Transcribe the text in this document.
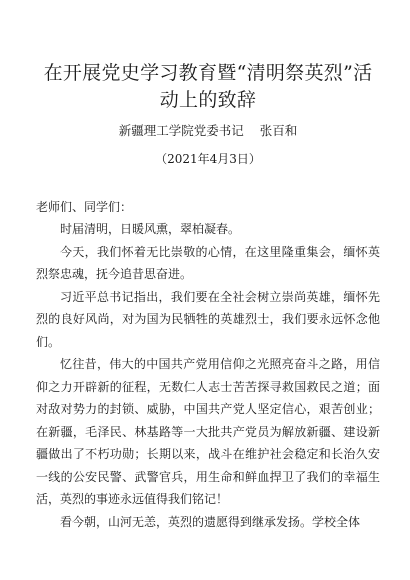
在开展党史学习教育暨“清明祭英烈”活动上的致辞
新疆理工学院党委书记 张百和
（2021年4月3日）

老师们、同学们：

时届清明，日暖风熏，翠柏凝春。

今天，我们怀着无比崇敬的心情，在这里隆重集会，缅怀英烈祭忠魂，抚今追昔思奋进。

习近平总书记指出，我们要在全社会树立崇尚英雄，缅怀先烈的良好风尚，对为国为民牺牲的英雄烈士，我们要永远怀念他们。

忆往昔，伟大的中国共产党用信仰之光照亮奋斗之路，用信仰之力开辟新的征程，无数仁人志士苦苦探寻救国救民之道；面对敌对势力的封锁、威胁，中国共产党人坚定信心，艰苦创业；在新疆，毛泽民、林基路等一大批共产党员为解放新疆、建设新疆做出了不朽功勋；长期以来，战斗在维护社会稳定和长治久安一线的公安民警、武警官兵，用生命和鲜血捍卫了我们的幸福生活，英烈的事迹永远值得我们铭记！

看今朝，山河无恙，英烈的遗愿得到继承发扬。学校全体
